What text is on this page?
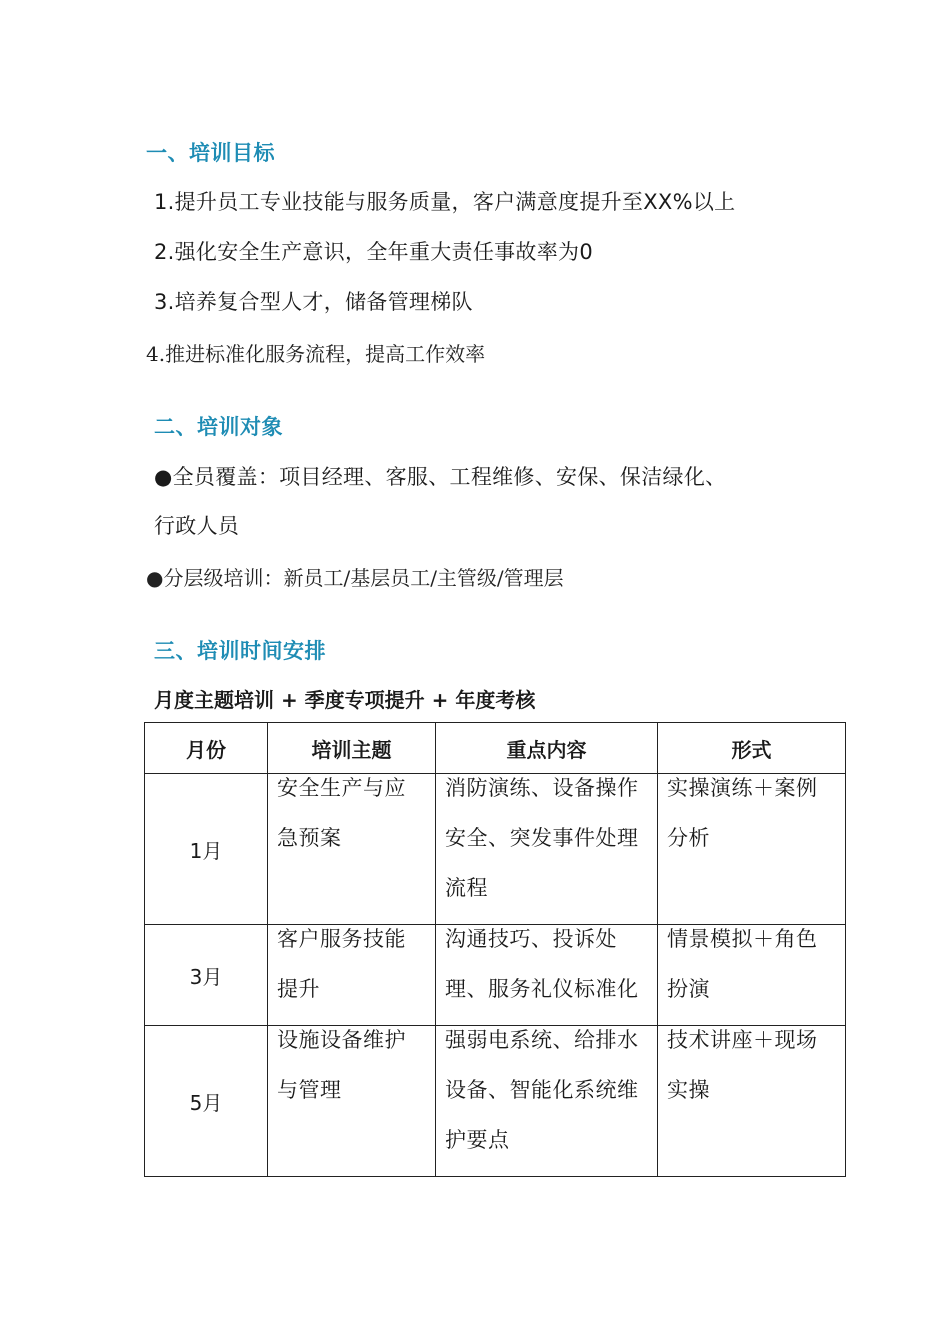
一、培训目标
1.提升员工专业技能与服务质量，客户满意度提升至XX%以上
2.强化安全生产意识，全年重大责任事故率为0
3.培养复合型人才，储备管理梯队
4.推进标准化服务流程，提高工作效率
二、培训对象
●全员覆盖：项目经理、客服、工程维修、安保、保洁绿化、
行政人员
●分层级培训：新员工/基层员工/主管级/管理层
三、培训时间安排
月度主题培训 + 季度专项提升 + 年度考核
月份	培训主题	重点内容	形式
1月	安全生产与应急预案	消防演练、设备操作安全、突发事件处理流程	实操演练＋案例分析

3月	客户服务技能提升	沟通技巧、投诉处理、服务礼仪标准化	情景模拟＋角色扮演

5月	设施设备维护与管理	强弱电系统、给排水设备、智能化系统维护要点	技术讲座＋现场实操
